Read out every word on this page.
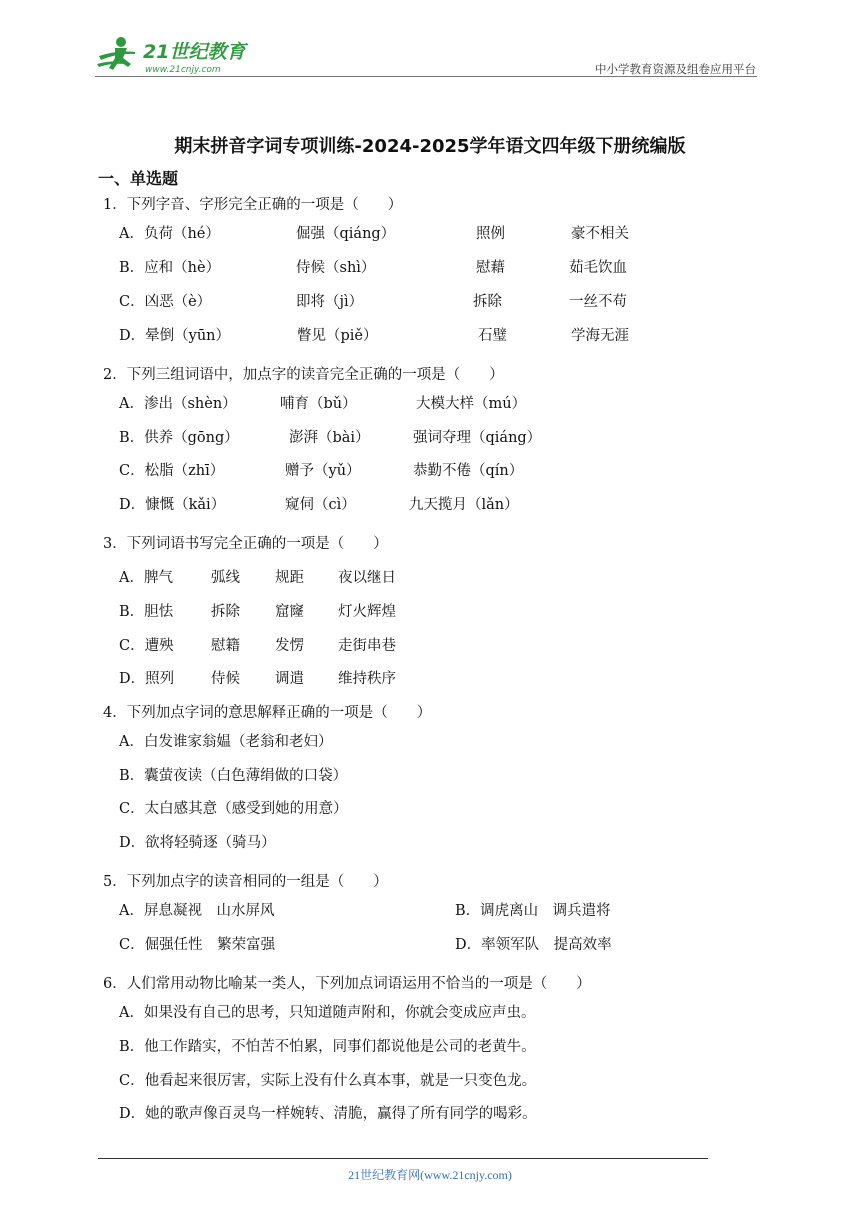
21世纪教育
www.21cnjy.com	中小学教育资源及组卷应用平台
期末拼音字词专项训练-2024-2025学年语文四年级下册统编版
一、单选题
1．下列字音、字形完全正确的一项是（　　）
A．负荷（hé）	倔强（qiáng）	照例	豪不相关
B．应和（hè）	侍候（shì）	慰藉	茹毛饮血
C．凶恶（è）	即将（jì）	拆除	一丝不苟
D．晕倒（yūn）	瞥见（piě）	石璧	学海无涯
2．下列三组词语中，加点字的读音完全正确的一项是（　　）
A．渗出（shèn）	哺育（bǔ）	大模大样（mú）
B．供养（gōng）	澎湃（bài）	强词夺理（qiáng）
C．松脂（zhī）	赠予（yǔ）	恭勤不倦（qín）
D．慷慨（kǎi）	窥伺（cì）	九天揽月（lǎn）
3．下列词语书写完全正确的一项是（　　）
A．脾气	弧线 规距 夜以继日
B．胆怯	拆除 窟窿 灯火辉煌
C．遭殃	慰籍 发愣 走街串巷
D．照列	侍候 调遣 维持秩序
4．下列加点字词的意思解释正确的一项是（　　）
A．白发谁家翁媪（老翁和老妇）
B．囊萤夜读（白色薄绢做的口袋）
C．太白感其意（感受到她的用意）
D．欲将轻骑逐（骑马）
5．下列加点字的读音相同的一组是（　　）
A．屏息凝视　山水屏风	B．调虎离山　调兵遣将
C．倔强任性　繁荣富强	D．率领军队　提高效率
6．人们常用动物比喻某一类人，下列加点词语运用不恰当的一项是（　　）
A．如果没有自己的思考，只知道随声附和，你就会变成应声虫。
B．他工作踏实，不怕苦不怕累，同事们都说他是公司的老黄牛。
C．他看起来很厉害，实际上没有什么真本事，就是一只变色龙。
D．她的歌声像百灵鸟一样婉转、清脆，赢得了所有同学的喝彩。
21世纪教育网(www.21cnjy.com)
